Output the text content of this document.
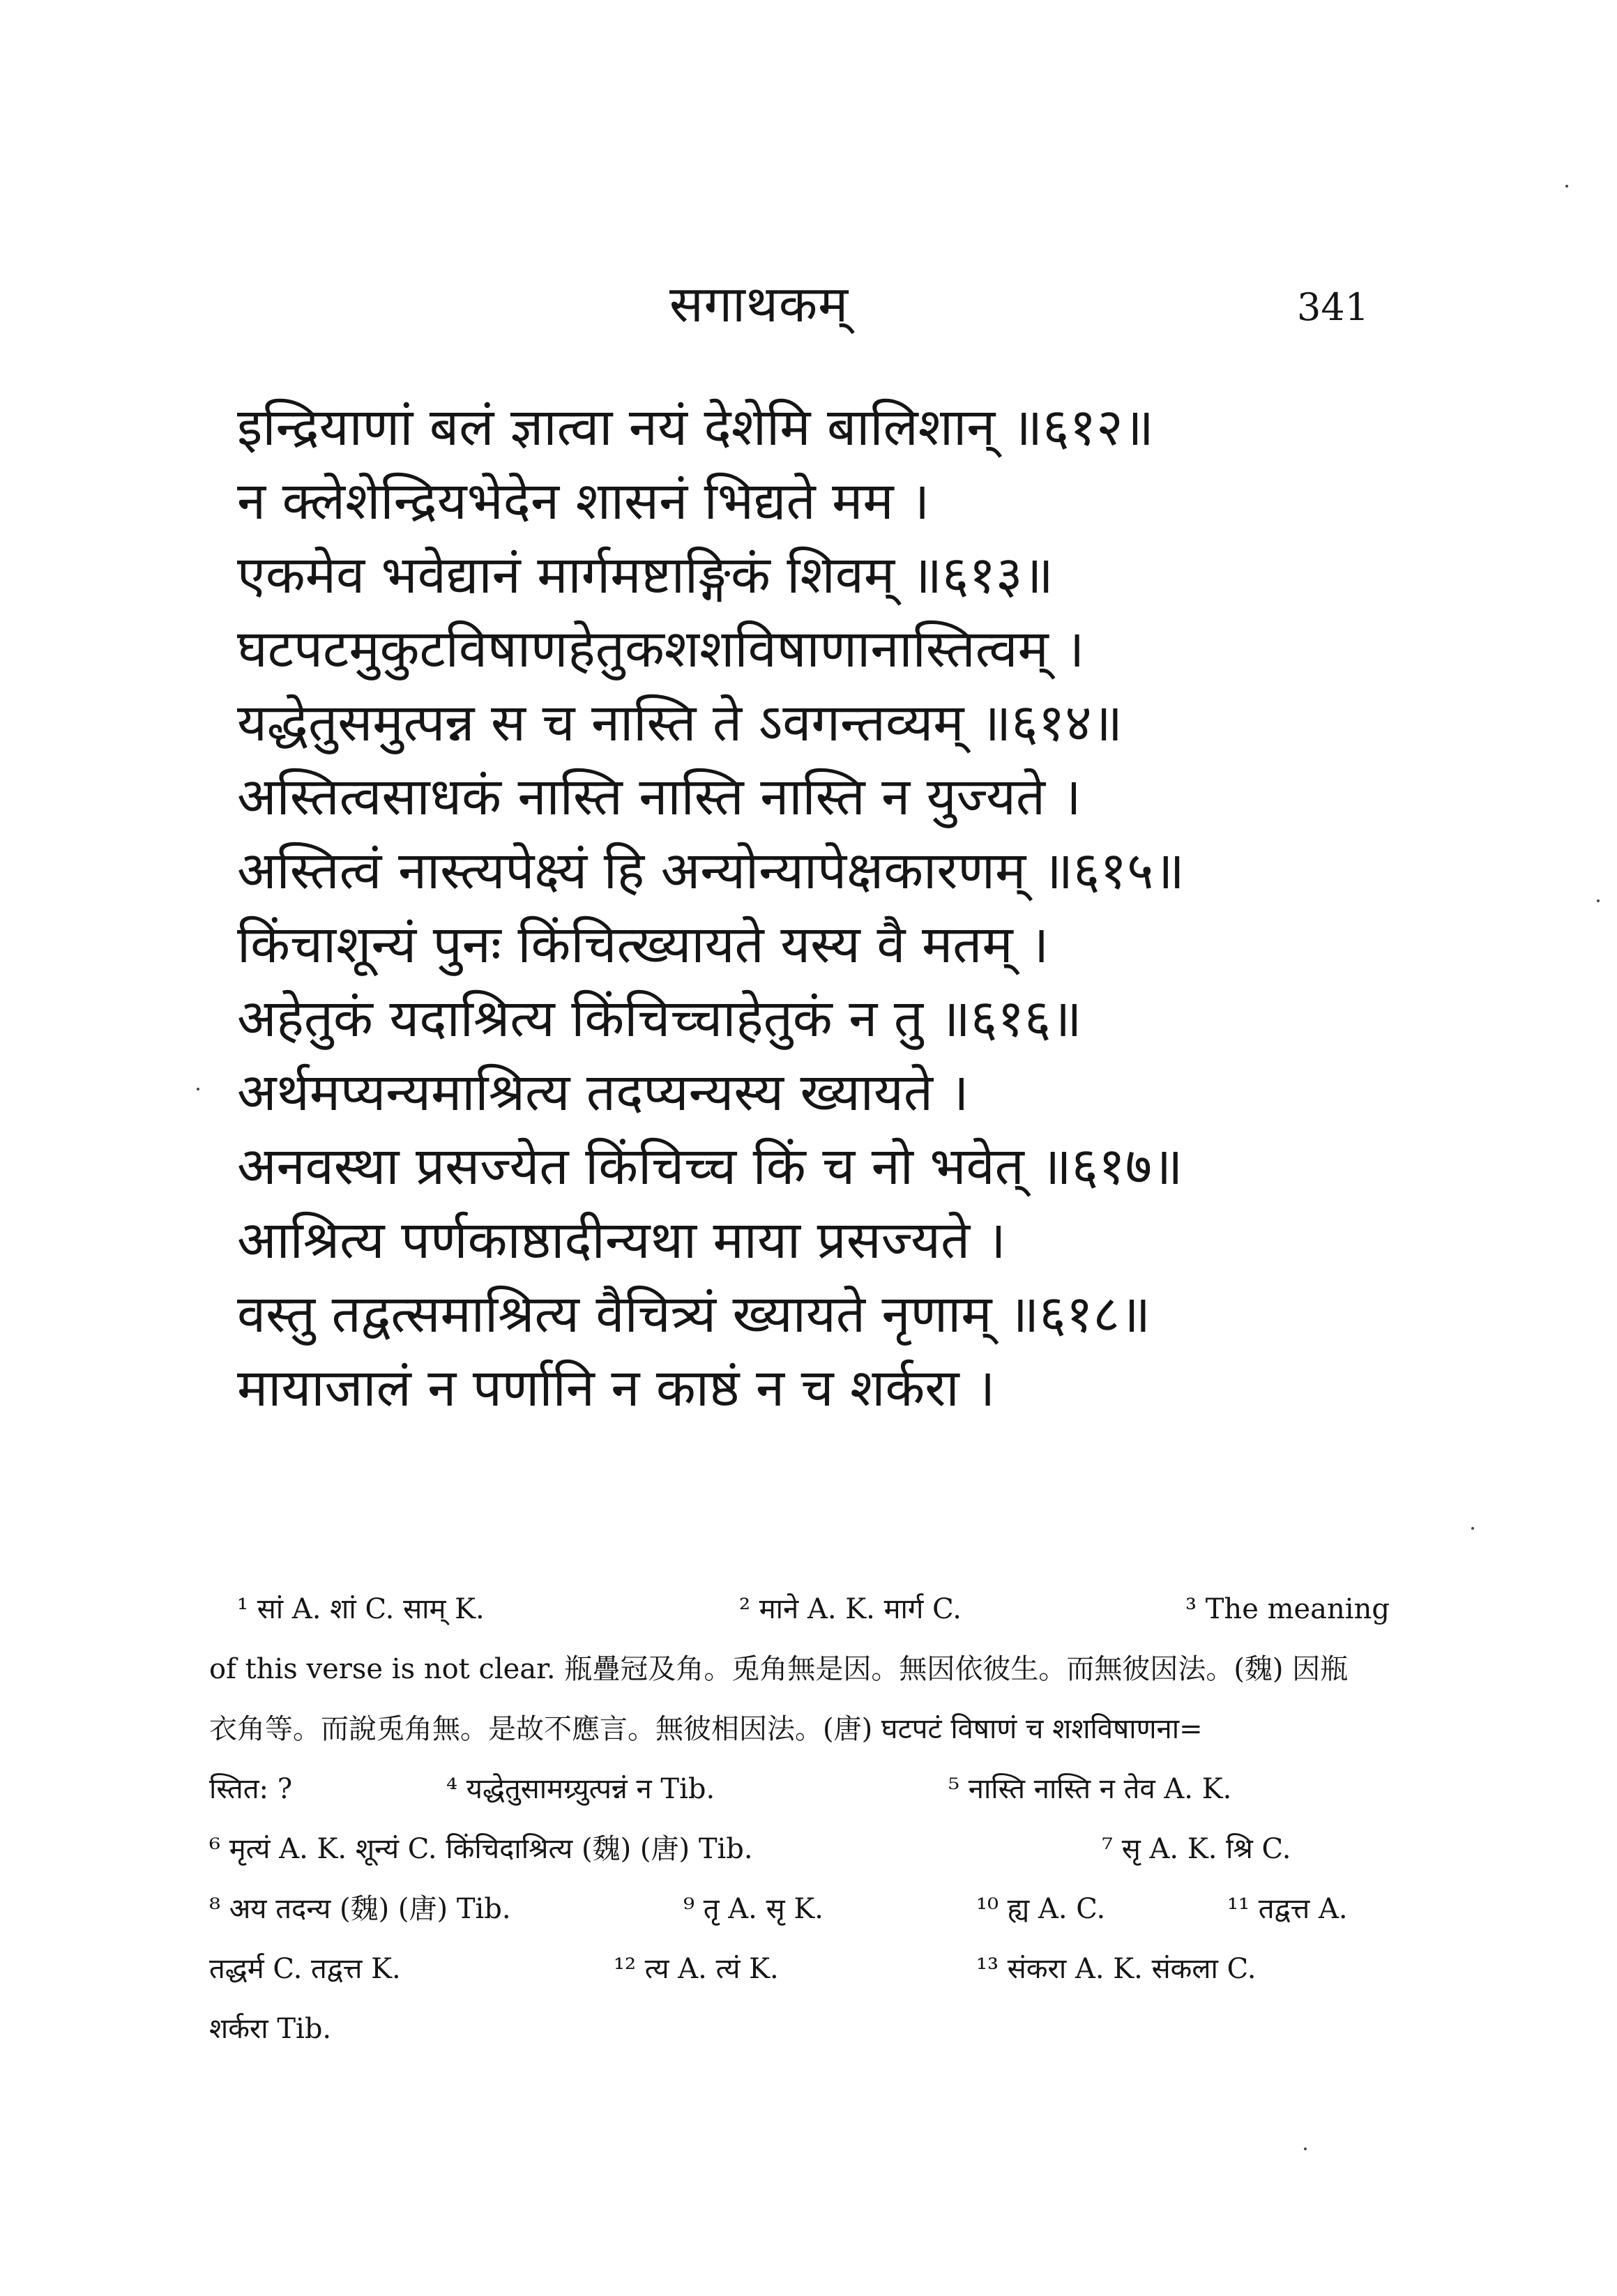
सगाथकम्	341
इन्द्रियाणां बलं ज्ञात्वा नयं देशेमि बालिशान् ॥६१२॥
न क्लेशेन्द्रियभेदेन शासनं भिद्यते मम ।
एकमेव भवेद्यानं मार्गमष्टाङ्गिकं शिवम् ॥६१३॥
घटपटमुकुटविषाणहेतुकशशविषाणानास्तित्वम् ।
यद्धेतुसमुत्पन्न स च नास्ति ते ऽवगन्तव्यम् ॥६१४॥
अस्तित्वसाधकं नास्ति नास्ति नास्ति न युज्यते ।
अस्तित्वं नास्त्यपेक्ष्यं हि अन्योन्यापेक्षकारणम् ॥६१५॥
किंचाशून्यं पुनः किंचित्ख्यायते यस्य वै मतम् ।
अहेतुकं यदाश्रित्य किंचिच्चाहेतुकं न तु ॥६१६॥
अर्थमप्यन्यमाश्रित्य तदप्यन्यस्य ख्यायते ।
अनवस्था प्रसज्येत किंचिच्च किं च नो भवेत् ॥६१७॥
आश्रित्य पर्णकाष्ठादीन्यथा माया प्रसज्यते ।
वस्तु तद्वत्समाश्रित्य वैचित्र्यं ख्यायते नृणाम् ॥६१८॥
मायाजालं न पर्णानि न काष्ठं न च शर्करा ।
¹ सां A. शां C. साम् K.	² माने A. K. मार्ग C.	³ The meaning
of this verse is not clear. 瓶疊冠及角。兎角無是因。無因依彼生。而無彼因法。(魏) 因瓶
衣角等。而說兎角無。是故不應言。無彼相因法。(唐) घटपटं विषाणं च शशविषाणना=
स्तित: ?	⁴ यद्धेतुसामग्र्युत्पन्नं न Tib.	⁵ नास्ति नास्ति न तेव A. K.
⁶ मृत्यं A. K. शून्यं C. किंचिदाश्रित्य (魏) (唐) Tib.	⁷ सृ A. K. श्रि C.
⁸ अय तदन्य (魏) (唐) Tib.	⁹ तृ A. सृ K.	¹⁰ ह्य A. C.	¹¹ तद्वत्त A.
तद्धर्म C. तद्वत्त K.	¹² त्य A. त्यं K.	¹³ संकरा A. K. संकला C.
शर्करा Tib.
